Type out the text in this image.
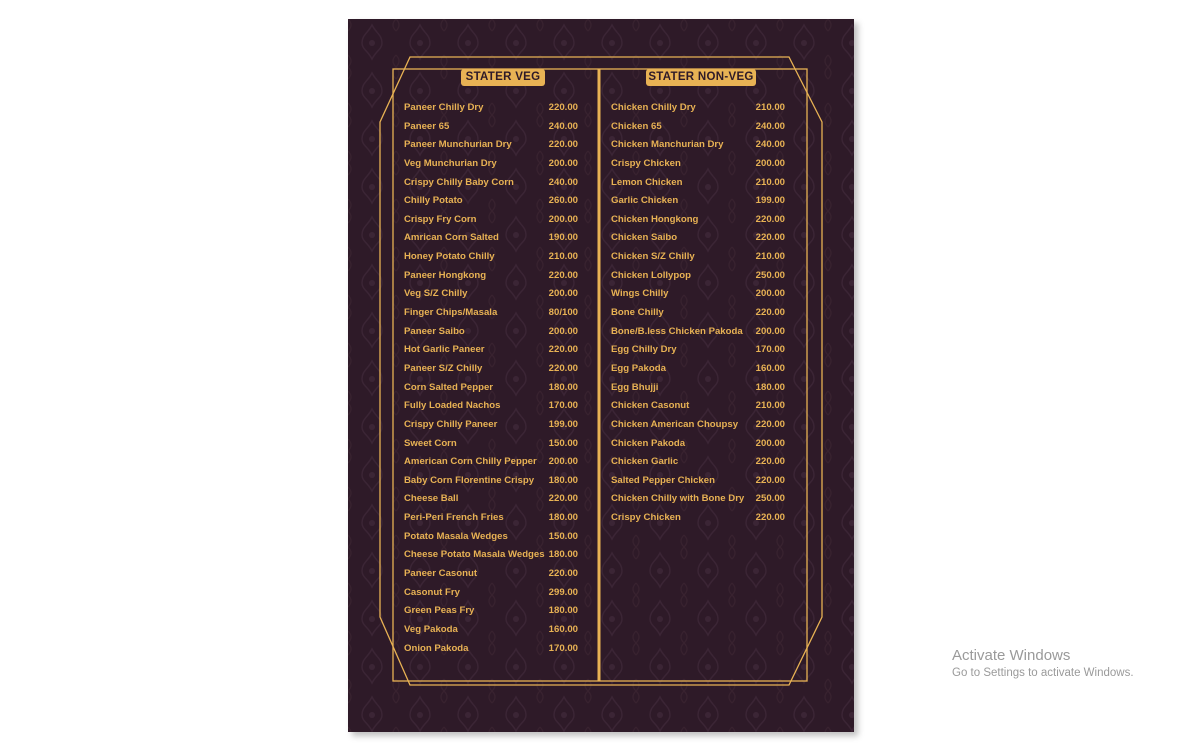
STATER VEG	STATER NON-VEG
Paneer Chilly Dry	220.00
Paneer 65	240.00
Paneer Munchurian Dry	220.00
Veg Munchurian Dry	200.00
Crispy Chilly Baby Corn	240.00
Chilly Potato	260.00
Crispy Fry Corn	200.00
Amrican Corn Salted	190.00
Honey Potato Chilly	210.00
Paneer Hongkong	220.00
Veg S/Z Chilly	200.00
Finger Chips/Masala	80/100
Paneer Saibo	200.00
Hot Garlic Paneer	220.00
Paneer S/Z Chilly	220.00
Corn Salted Pepper	180.00
Fully Loaded Nachos	170.00
Crispy Chilly Paneer	199.00
Sweet Corn	150.00
American Corn Chilly Pepper 200.00
Baby Corn Florentine Crispy 180.00
Cheese Ball	220.00
Peri-Peri French Fries	180.00
Potato Masala Wedges	150.00
Cheese Potato Masala Wedges 180.00
Paneer Casonut	220.00
Casonut Fry	299.00
Green Peas Fry	180.00
Veg Pakoda	160.00
Onion Pakoda	170.00
Chicken Chilly Dry	210.00
Chicken 65	240.00
Chicken Manchurian Dry	240.00
Crispy Chicken	200.00
Lemon Chicken	210.00
Garlic Chicken	199.00
Chicken Hongkong	220.00
Chicken Saibo	220.00
Chicken S/Z Chilly	210.00
Chicken Lollypop	250.00
Wings Chilly	200.00
Bone Chilly	220.00
Bone/B.less Chicken Pakoda 200.00
Egg Chilly Dry	170.00
Egg Pakoda	160.00
Egg Bhujji	180.00
Chicken Casonut	210.00
Chicken American Choupsy 220.00
Chicken Pakoda	200.00
Chicken Garlic	220.00
Salted Pepper Chicken	220.00
Chicken Chilly with Bone Dry 250.00
Crispy Chicken	220.00
Activate Windows
Go to Settings to activate Windows.
